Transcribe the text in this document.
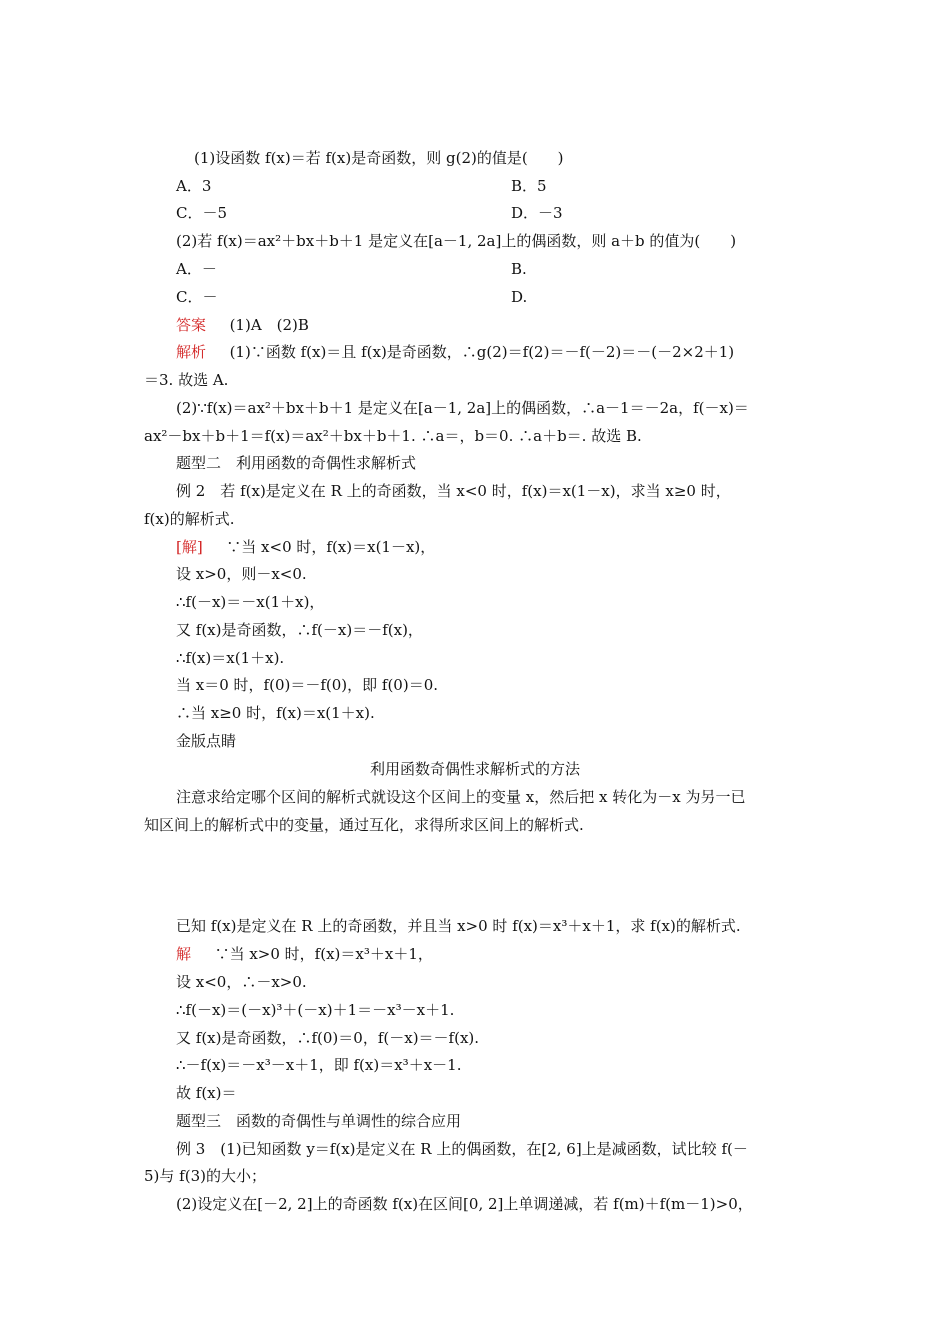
(1)设函数 f(x)＝若 f(x)是奇函数，则 g(2)的值是(　　)
A．3	B．5
C．－5	D．－3
(2)若 f(x)＝ax²＋bx＋b＋1 是定义在[a－1, 2a]上的偶函数，则 a＋b 的值为(　　)
A．－	B.
C．－	D.
答案 (1)A　(2)B
解析 (1)∵函数 f(x)＝且 f(x)是奇函数，∴g(2)＝f(2)＝－f(－2)＝－(－2×2＋1)
＝3. 故选 A.
(2)∵f(x)＝ax²＋bx＋b＋1 是定义在[a－1, 2a]上的偶函数，∴a－1＝－2a，f(－x)＝
ax²－bx＋b＋1＝f(x)＝ax²＋bx＋b＋1. ∴a＝，b＝0. ∴a＋b＝. 故选 B.
题型二　利用函数的奇偶性求解析式
例 2　若 f(x)是定义在 R 上的奇函数，当 x<0 时，f(x)＝x(1－x)，求当 x≥0 时，
f(x)的解析式.
[解] ∵当 x<0 时，f(x)＝x(1－x)，
设 x>0，则－x<0.
∴f(－x)＝－x(1＋x)，
又 f(x)是奇函数，∴f(－x)＝－f(x)，
∴f(x)＝x(1＋x).
当 x＝0 时，f(0)＝－f(0)，即 f(0)＝0.
∴当 x≥0 时，f(x)＝x(1＋x).
金版点睛
利用函数奇偶性求解析式的方法
注意求给定哪个区间的解析式就设这个区间上的变量 x，然后把 x 转化为－x 为另一已
知区间上的解析式中的变量，通过互化，求得所求区间上的解析式.
已知 f(x)是定义在 R 上的奇函数，并且当 x>0 时 f(x)＝x³＋x＋1，求 f(x)的解析式.
解 ∵当 x>0 时，f(x)＝x³＋x＋1，
设 x<0，∴－x>0.
∴f(－x)＝(－x)³＋(－x)＋1＝－x³－x＋1.
又 f(x)是奇函数，∴f(0)＝0，f(－x)＝－f(x).
∴－f(x)＝－x³－x＋1，即 f(x)＝x³＋x－1.
故 f(x)＝
题型三　函数的奇偶性与单调性的综合应用
例 3　(1)已知函数 y＝f(x)是定义在 R 上的偶函数，在[2, 6]上是减函数，试比较 f(－
5)与 f(3)的大小；
(2)设定义在[－2, 2]上的奇函数 f(x)在区间[0, 2]上单调递减，若 f(m)＋f(m－1)>0，
